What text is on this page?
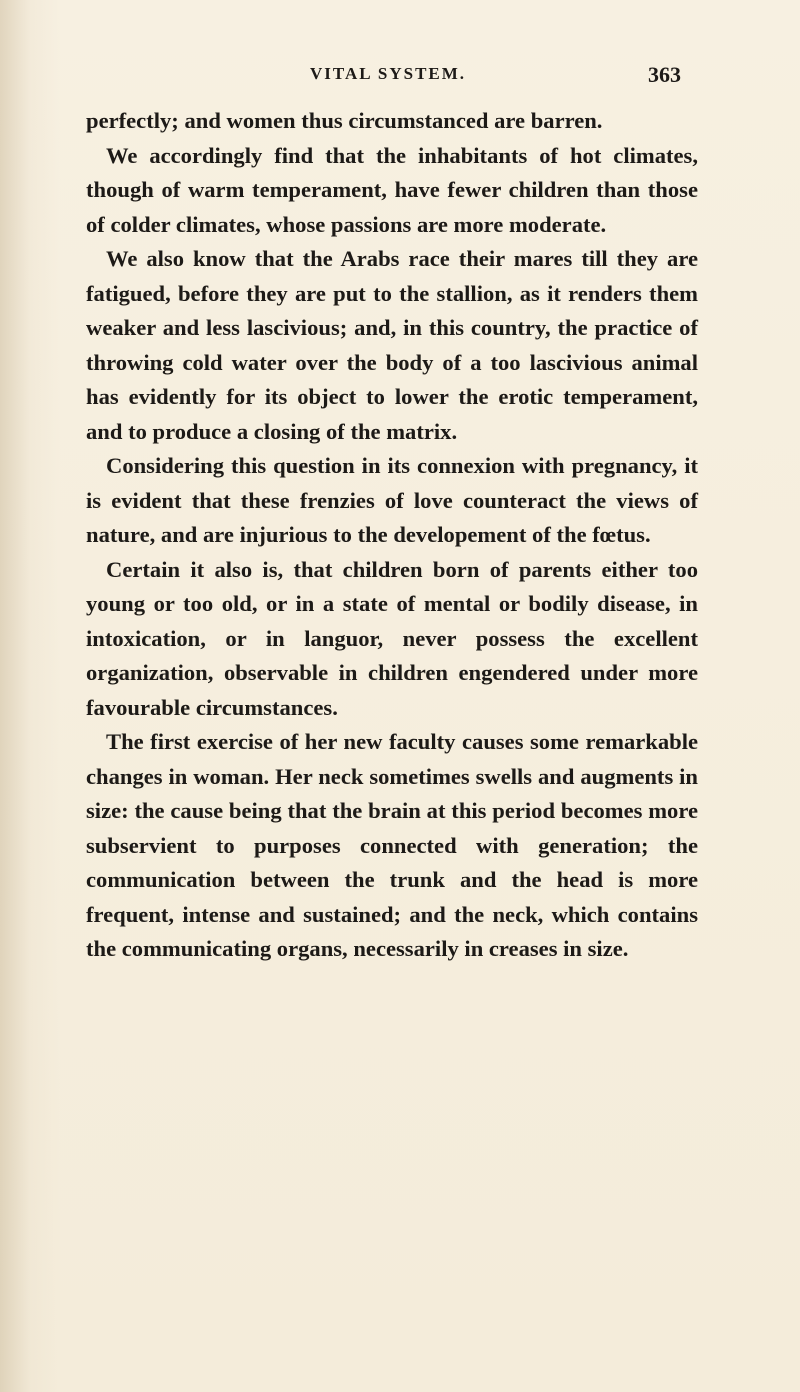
VITAL SYSTEM.	363

perfectly; and women thus circumstanced are barren.

We accordingly find that the inhabitants of hot climates, though of warm temperament, have fewer children than those of colder climates, whose passions are more moderate.

We also know that the Arabs race their mares till they are fatigued, before they are put to the stallion, as it renders them weaker and less lascivious; and, in this country, the practice of throwing cold water over the body of a too lascivious animal has evidently for its object to lower the erotic temperament, and to produce a closing of the matrix.

Considering this question in its connexion with pregnancy, it is evident that these frenzies of love counteract the views of nature, and are injurious to the developement of the fœtus.

Certain it also is, that children born of parents either too young or too old, or in a state of mental or bodily disease, in intoxication, or in languor, never possess the excellent organization, observable in children engendered under more favourable circumstances.

The first exercise of her new faculty causes some remarkable changes in woman. Her neck sometimes swells and augments in size: the cause being that the brain at this period becomes more subservient to purposes connected with generation; the communication between the trunk and the head is more frequent, intense and sustained; and the neck, which contains the communicating organs, necessarily in creases in size.
